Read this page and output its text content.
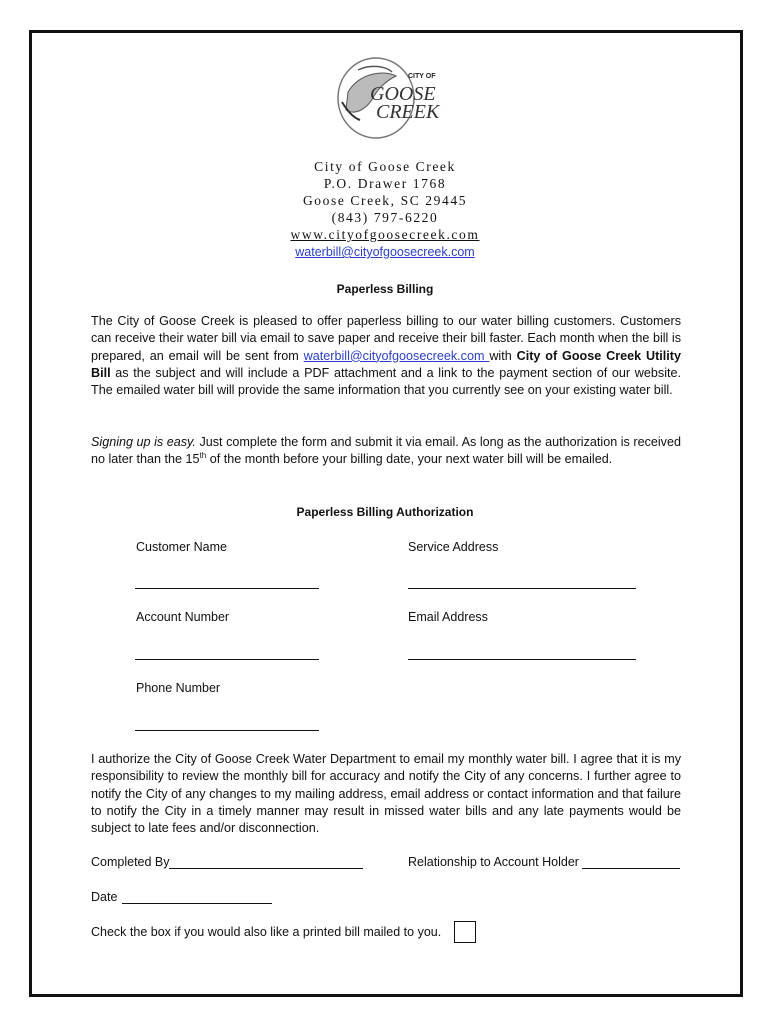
CITY OF
GOOSE
CREEK
City of Goose Creek
P.O. Drawer 1768
Goose Creek, SC 29445
(843) 797-6220
www.cityofgoosecreek.com
waterbill@cityofgoosecreek.com
Paperless Billing
The City of Goose Creek is pleased to offer paperless billing to our water billing customers. Customers can receive their water bill via email to save paper and receive their bill faster. Each month when the bill is prepared, an email will be sent from waterbill@cityofgoosecreek.com with City of Goose Creek Utility Bill as the subject and will include a PDF attachment and a link to the payment section of our website. The emailed water bill will provide the same information that you currently see on your existing water bill.
Signing up is easy. Just complete the form and submit it via email. As long as the authorization is received no later than the 15th of the month before your billing date, your next water bill will be emailed.
Paperless Billing Authorization
Customer Name	Service Address
Account Number	Email Address
Phone Number
I authorize the City of Goose Creek Water Department to email my monthly water bill. I agree that it is my responsibility to review the monthly bill for accuracy and notify the City of any concerns. I further agree to notify the City of any changes to my mailing address, email address or contact information and that failure to notify the City in a timely manner may result in missed water bills and any late payments would be subject to late fees and/or disconnection.
Completed By	Relationship to Account Holder
Date
Check the box if you would also like a printed bill mailed to you.
